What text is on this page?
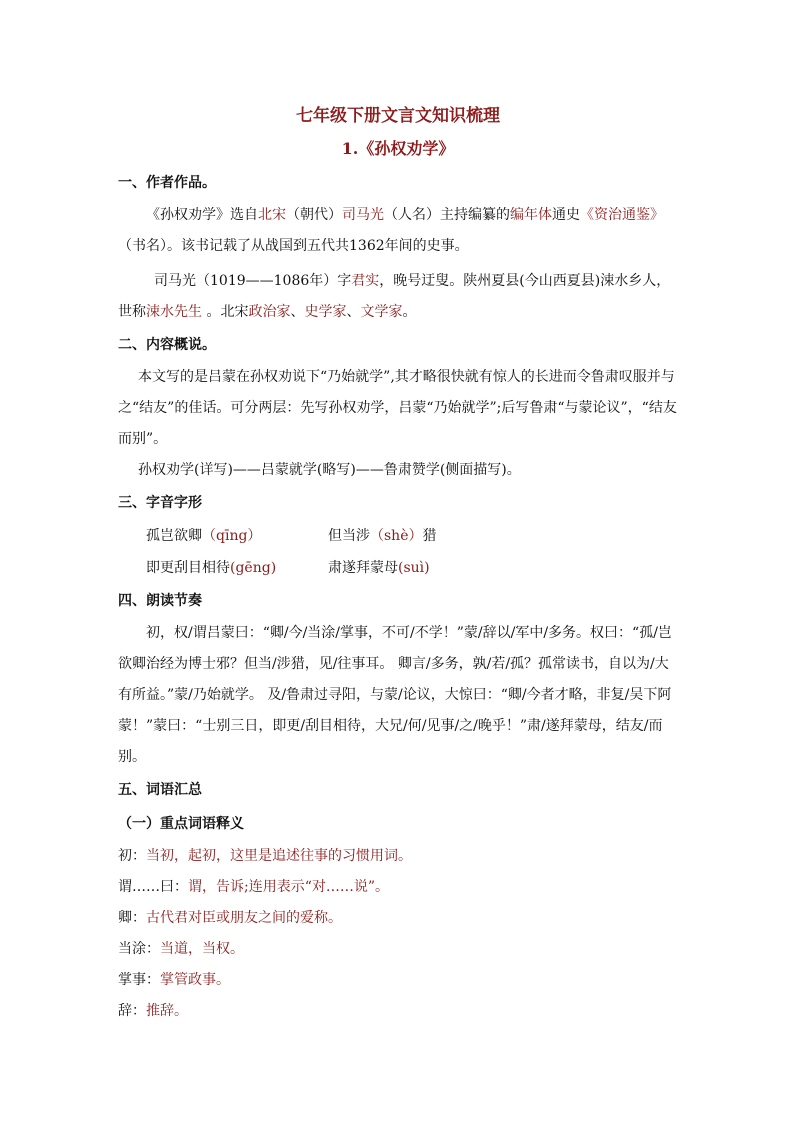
七年级下册文言文知识梳理
1.《孙权劝学》
一、作者作品。

《孙权劝学》选自北宋（朝代）司马光（人名）主持编纂的编年体通史《资治通鉴》（书名）。该书记载了从战国到五代共1362年间的史事。

司马光（1019——1086年）字君实，晚号迂叟。陕州夏县(今山西夏县)涑水乡人，世称涑水先生 。北宋政治家、史学家、文学家。

二、内容概说。

本文写的是吕蒙在孙权劝说下“乃始就学”,其才略很快就有惊人的长进而令鲁肃叹服并与之“结友”的佳话。可分两层：先写孙权劝学，吕蒙“乃始就学”;后写鲁肃“与蒙论议”，“结友而别”。

孙权劝学(详写)——吕蒙就学(略写)——鲁肃赞学(侧面描写)。

三、字音字形
孤岂欲卿（qīng）	但当涉（shè）猎
即更刮目相待(gēng)	肃遂拜蒙母(suì)
四、朗读节奏

初，权/谓吕蒙曰：“卿/今/当涂/掌事，不可/不学！”蒙/辞以/军中/多务。权曰：“孤/岂欲卿治经为博士邪？但当/涉猎，见/往事耳。 卿言/多务，孰/若/孤？孤常读书，自以为/大有所益。”蒙/乃始就学。 及/鲁肃过寻阳，与蒙/论议，大惊曰：“卿/今者才略，非复/吴下阿蒙！”蒙曰：“士别三日，即更/刮目相待，大兄/何/见事/之/晚乎！”肃/遂拜蒙母，结友/而别。

五、词语汇总
（一）重点词语释义

初：当初，起初，这里是追述往事的习惯用词。

谓……曰：谓，告诉;连用表示“对……说”。

卿：古代君对臣或朋友之间的爱称。

当涂：当道，当权。

掌事：掌管政事。

辞：推辞。
